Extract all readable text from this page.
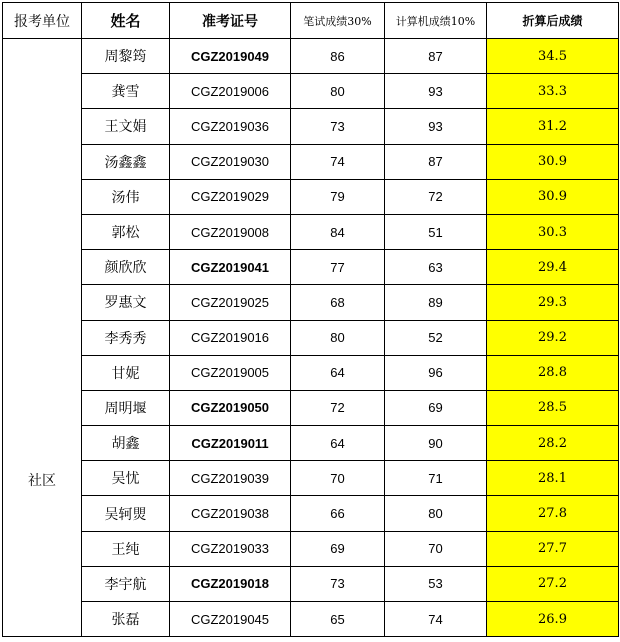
报考单位	姓名	准考证号	笔试成绩30%	计算机成绩10%	折算后成绩
社区	周黎筠	CGZ2019049	86	87	34.5
	龚雪	CGZ2019006	80	93	33.3
	王文娟	CGZ2019036	73	93	31.2
	汤鑫鑫	CGZ2019030	74	87	30.9
	汤伟	CGZ2019029	79	72	30.9
	郭松	CGZ2019008	84	51	30.3
	颜欣欣	CGZ2019041	77	63	29.4
	罗惠文	CGZ2019025	68	89	29.3
	李秀秀	CGZ2019016	80	52	29.2
	甘妮	CGZ2019005	64	96	28.8
	周明堰	CGZ2019050	72	69	28.5
	胡鑫	CGZ2019011	64	90	28.2
	吴忧	CGZ2019039	70	71	28.1
	吴轲煛	CGZ2019038	66	80	27.8
	王纯	CGZ2019033	69	70	27.7
	李宇航	CGZ2019018	73	53	27.2
	张磊	CGZ2019045	65	74	26.9
